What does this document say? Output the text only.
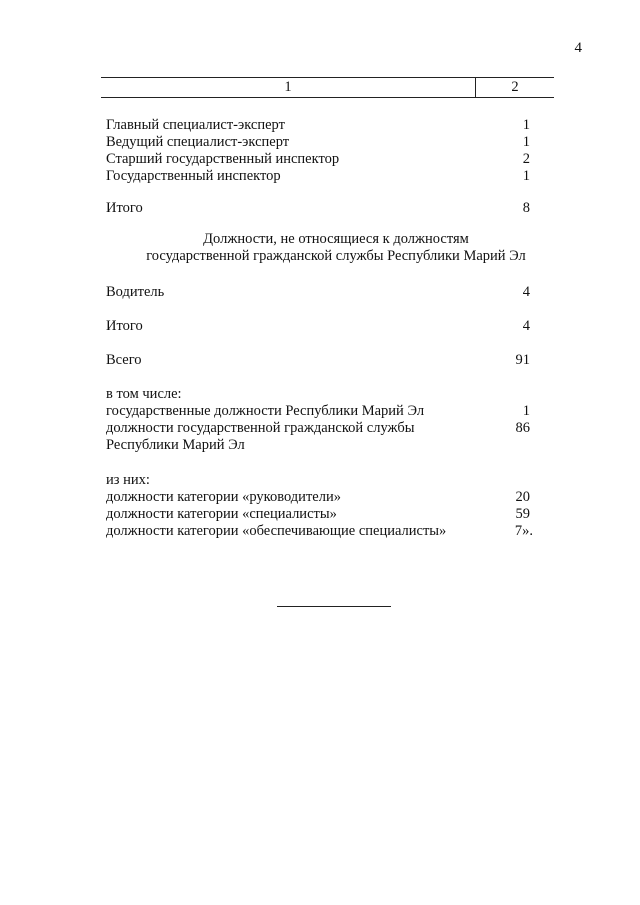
4
1	2
Главный специалист-эксперт	1
Ведущий специалист-эксперт	1
Старший государственный инспектор	2
Государственный инспектор	1
Итого	8
Должности, не относящиеся к должностям
государственной гражданской службы Республики Марий Эл
Водитель	4
Итого	4
Всего	91
в том числе:
государственные должности Республики Марий Эл	1
должности государственной гражданской службы	86
Республики Марий Эл
из них:
должности категории «руководители»	20
должности категории «специалисты»	59
должности категории «обеспечивающие специалисты»	7».
